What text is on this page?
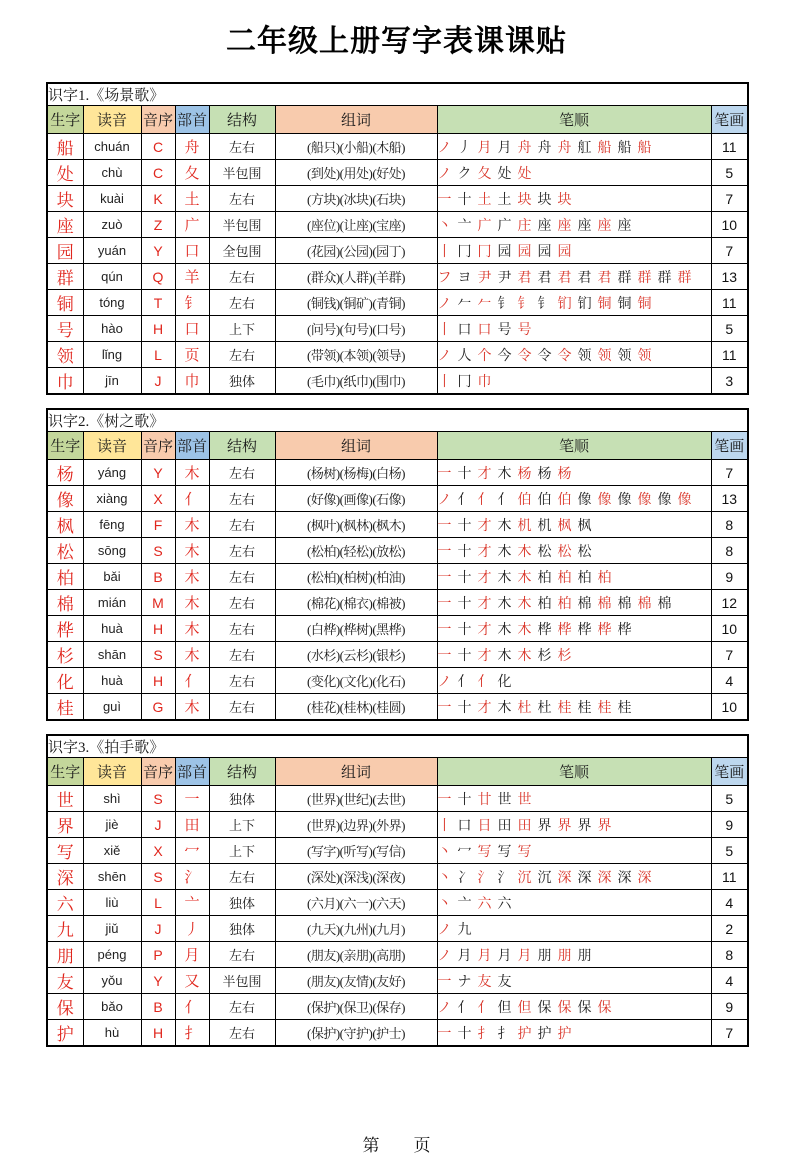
二年级上册写字表课课贴
识字1.《场景歌》							
生字	读音	音序	部首	结构	组词	笔顺	笔画
船	chuán	C	舟	左右	(船只)(小船)(木船)	ノ 丿 月 月 舟 舟 舟 舡 船 船 船	11
处	chù	C	夂	半包围	(到处)(用处)(好处)	ノ ク 夂 处 处	5
块	kuài	K	土	左右	(方块)(冰块)(石块)	一 十 土 土 块 块 块	7
座	zuò	Z	广	半包围	(座位)(让座)(宝座)	丶 亠 广 广 庄 座 座 座 座 座	10
园	yuán	Y	口	全包围	(花园)(公园)(园丁)	丨 冂 冂 园 园 园 园	7
群	qún	Q	羊	左右	(群众)(人群)(羊群)	フ ヨ 尹 尹 君 君 君 君 君 群 群 群 群	13
铜	tóng	T	钅	左右	(铜钱)(铜矿)(青铜)	ノ 𠂉 𠂉 钅 钅 钅 钔 钔 铜 铜 铜	11
号	hào	H	口	上下	(问号)(句号)(口号)	丨 口 口 号 号	5
领	lǐng	L	页	左右	(带领)(本领)(领导)	ノ 人 个 今 令 令 令 领 领 领 领	11
巾	jīn	J	巾	独体	(毛巾)(纸巾)(围巾)	丨 冂 巾	3
识字2.《树之歌》							
生字	读音	音序	部首	结构	组词	笔顺	笔画
杨	yáng	Y	木	左右	(杨树)(杨梅)(白杨)	一 十 才 木 杨 杨 杨	7
像	xiàng	X	亻	左右	(好像)(画像)(石像)	ノ 亻 亻 亻 伯 伯 伯 像 像 像 像 像 像	13
枫	fēng	F	木	左右	(枫叶)(枫林)(枫木)	一 十 才 木 机 机 枫 枫	8
松	sōng	S	木	左右	(松柏)(轻松)(放松)	一 十 才 木 木 松 松 松	8
柏	bǎi	B	木	左右	(松柏)(柏树)(柏油)	一 十 才 木 木 柏 柏 柏 柏	9
棉	mián	M	木	左右	(棉花)(棉衣)(棉被)	一 十 才 木 木 柏 柏 棉 棉 棉 棉 棉	12
桦	huà	H	木	左右	(白桦)(桦树)(黑桦)	一 十 才 木 木 桦 桦 桦 桦 桦	10
杉	shān	S	木	左右	(水杉)(云杉)(银杉)	一 十 才 木 木 杉 杉	7
化	huà	H	亻	左右	(变化)(文化)(化石)	ノ 亻 亻 化	4
桂	guì	G	木	左右	(桂花)(桂林)(桂圆)	一 十 才 木 杜 杜 桂 桂 桂 桂	10
识字3.《拍手歌》							
生字	读音	音序	部首	结构	组词	笔顺	笔画
世	shì	S	一	独体	(世界)(世纪)(去世)	一 十 廿 世 世	5
界	jiè	J	田	上下	(世界)(边界)(外界)	丨 口 日 田 田 界 界 界 界	9
写	xiě	X	冖	上下	(写字)(听写)(写信)	丶 冖 写 写 写	5
深	shēn	S	氵	左右	(深处)(深浅)(深夜)	丶 冫 氵 氵 沉 沉 深 深 深 深 深	11
六	liù	L	亠	独体	(六月)(六一)(六天)	丶 亠 六 六	4
九	jiǔ	J	丿	独体	(九天)(九州)(九月)	ノ 九	2
朋	péng	P	月	左右	(朋友)(亲朋)(高朋)	ノ 月 月 月 月 朋 朋 朋	8
友	yǒu	Y	又	半包围	(朋友)(友情)(友好)	一 ナ 友 友	4
保	bǎo	B	亻	左右	(保护)(保卫)(保存)	ノ 亻 亻 但 但 保 保 保 保	9
护	hù	H	扌	左右	(保护)(守护)(护士)	一 十 扌 扌 护 护 护	7
第        页
